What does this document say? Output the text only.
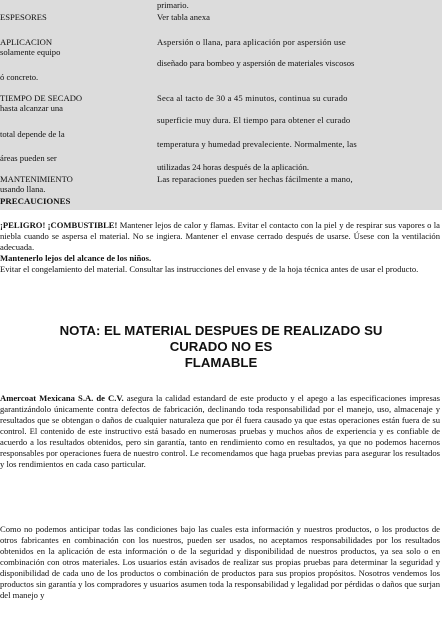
primario.
ESPESORES	Ver tabla anexa
APLICACION
solamente equipo
ó concreto.
Aspersión o llana, para aplicación por aspersión use
diseñado para bombeo y aspersión de materiales viscosos
TIEMPO DE SECADO
hasta alcanzar una
total depende de la
áreas pueden ser
Seca al tacto de 30 a 45 minutos, continua su curado
superficie muy dura. El tiempo para obtener el curado
temperatura y humedad prevaleciente. Normalmente, las
utilizadas 24 horas después de la aplicación.
MANTENIMIENTO
usando llana.
Las reparaciones pueden ser hechas fácilmente a mano,
PRECAUCIONES
¡PELIGRO! ¡COMBUSTIBLE! Mantener lejos de calor y flamas. Evitar el contacto con la piel y de respirar sus vapores o la niebla cuando se aspersa el material. No se ingiera. Mantener el envase cerrado después de usarse. Úsese con la ventilación adecuada.
Mantenerlo lejos del alcance de los niños.
Evitar el congelamiento del material. Consultar las instrucciones del envase y de la hoja técnica antes de usar el producto.
NOTA: EL MATERIAL DESPUES DE REALIZADO SU
CURADO NO ES
FLAMABLE
Amercoat Mexicana S.A. de C.V. asegura la calidad estandard de este producto y el apego a las especificaciones impresas garantizándolo únicamente contra defectos de fabricación, declinando toda responsabilidad por el manejo, uso, almacenaje y resultados que se obtengan o daños de cualquier naturaleza que por él fuera causado ya que estas operaciones están fuera de su control. El contenido de este instructivo está basado en numerosas pruebas y muchos años de experiencia y es confiable de acuerdo a los resultados obtenidos, pero sin garantía, tanto en rendimiento como en resultados, ya que no podemos hacernos responsables por operaciones fuera de nuestro control. Le recomendamos que haga pruebas previas para asegurar los resultados y los rendimientos en cada caso particular.
Como no podemos anticipar todas las condiciones bajo las cuales esta información y nuestros productos, o los productos de otros fabricantes en combinación con los nuestros, pueden ser usados, no aceptamos responsabilidades por los resultados obtenidos en la aplicación de esta información o de la seguridad y disponibilidad de nuestros productos, ya sea solo o en combinación con otros materiales. Los usuarios están avisados de realizar sus propias pruebas para determinar la seguridad y disponibilidad de cada uno de los productos o combinación de productos para sus propios propósitos. Nosotros vendemos los productos sin garantía y los compradores y usuarios asumen toda la responsabilidad y legalidad por pérdidas o daños que surjan del manejo y
